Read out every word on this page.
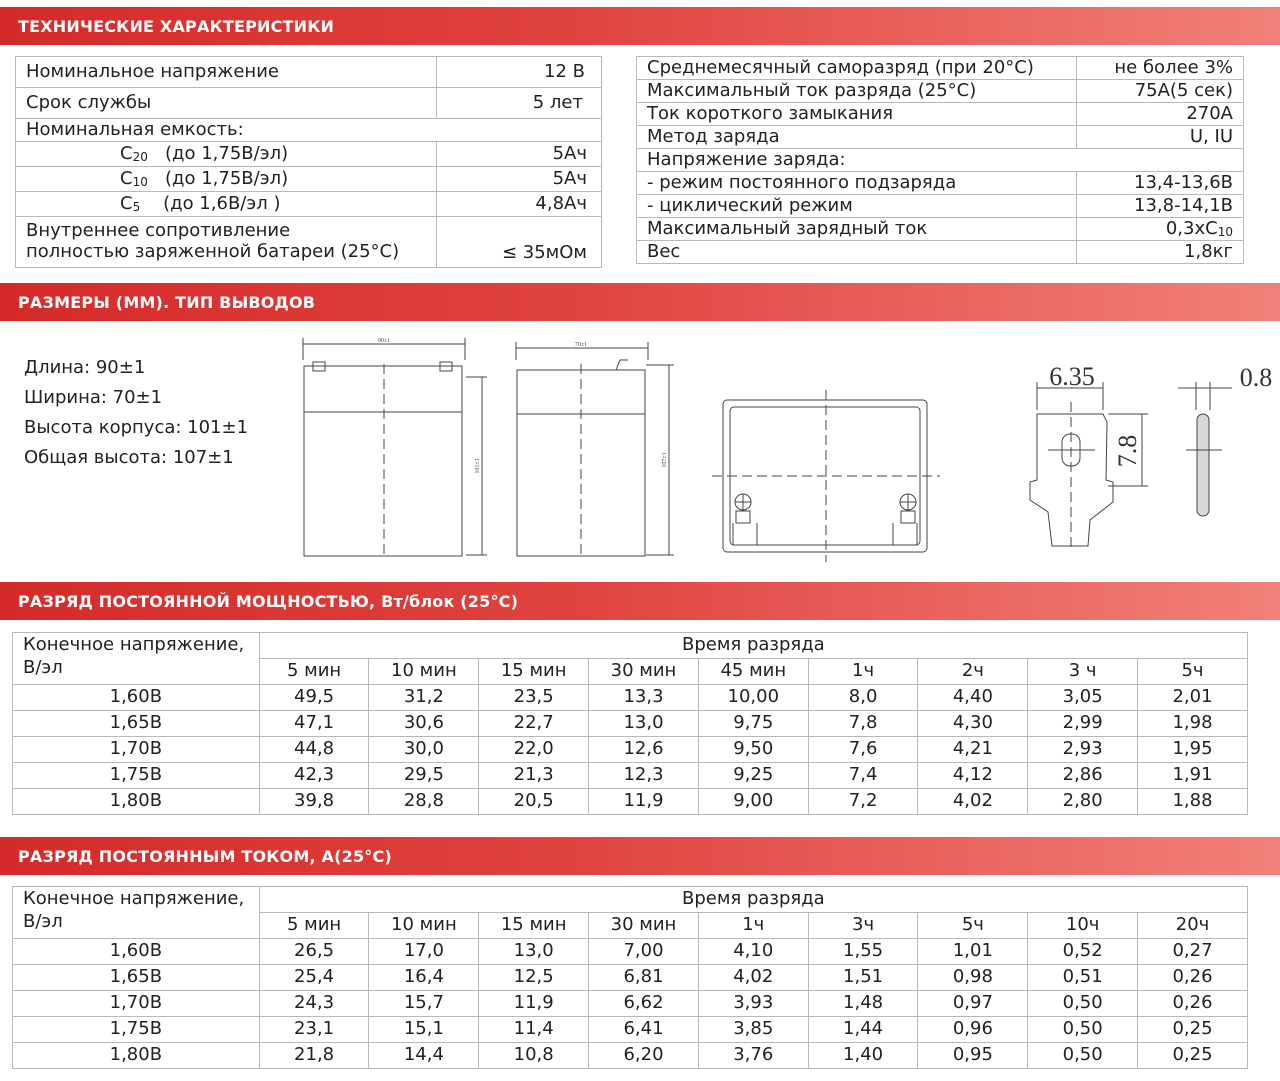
ТЕХНИЧЕСКИЕ ХАРАКТЕРИСТИКИ
Номинальное напряжение	12 В
Срок службы	5 лет
Номинальная емкость:	
$C_{20}$ (до 1,75В/эл)	5Ач
$C_{10}$ (до 1,75В/эл)	5Ач
$C_5$ (до 1,6В/эл )	4,8Ач

Внутреннее сопротивление
полностью заряженной батареи (25°С)	≤ 35мОм
Среднемесячный саморазряд (при 20°С)	не более 3%
Максимальный ток разряда (25°С)	75А(5 сек)
Ток короткого замыкания	270А
Метод заряда	U, IU
Напряжение заряда:	
- режим постоянного подзаряда	13,4-13,6В
- циклический режим	13,8-14,1В
Максимальный зарядный ток	$0,3хC_{10}$
Вес	1,8кг
РАЗМЕРЫ (ММ). ТИП ВЫВОДОВ
Длина: 90±1
Ширина: 70±1
Высота корпуса: 101±1
Общая высота: 107±1
90±1
70±1
101±1	107±1
6.35
7.8
0.8
РАЗРЯД ПОСТОЯННОЙ МОЩНОСТЬЮ, Вт/блок (25°С)
Конечное напряжение, В/эл	Время разряда								
	5 мин	10 мин	15 мин	30 мин	45 мин	1ч	2ч	3 ч	5ч
1,60В	49,5	31,2	23,5	13,3	10,00	8,0	4,40	3,05	2,01
1,65В	47,1	30,6	22,7	13,0	9,75	7,8	4,30	2,99	1,98
1,70В	44,8	30,0	22,0	12,6	9,50	7,6	4,21	2,93	1,95
1,75В	42,3	29,5	21,3	12,3	9,25	7,4	4,12	2,86	1,91
1,80В	39,8	28,8	20,5	11,9	9,00	7,2	4,02	2,80	1,88
РАЗРЯД ПОСТОЯННЫМ ТОКОМ, А(25°С)
Конечное напряжение, В/эл	Время разряда								
	5 мин	10 мин	15 мин	30 мин	1ч	3ч	5ч	10ч	20ч
1,60В	26,5	17,0	13,0	7,00	4,10	1,55	1,01	0,52	0,27
1,65В	25,4	16,4	12,5	6,81	4,02	1,51	0,98	0,51	0,26
1,70В	24,3	15,7	11,9	6,62	3,93	1,48	0,97	0,50	0,26
1,75В	23,1	15,1	11,4	6,41	3,85	1,44	0,96	0,50	0,25
1,80В	21,8	14,4	10,8	6,20	3,76	1,40	0,95	0,50	0,25
